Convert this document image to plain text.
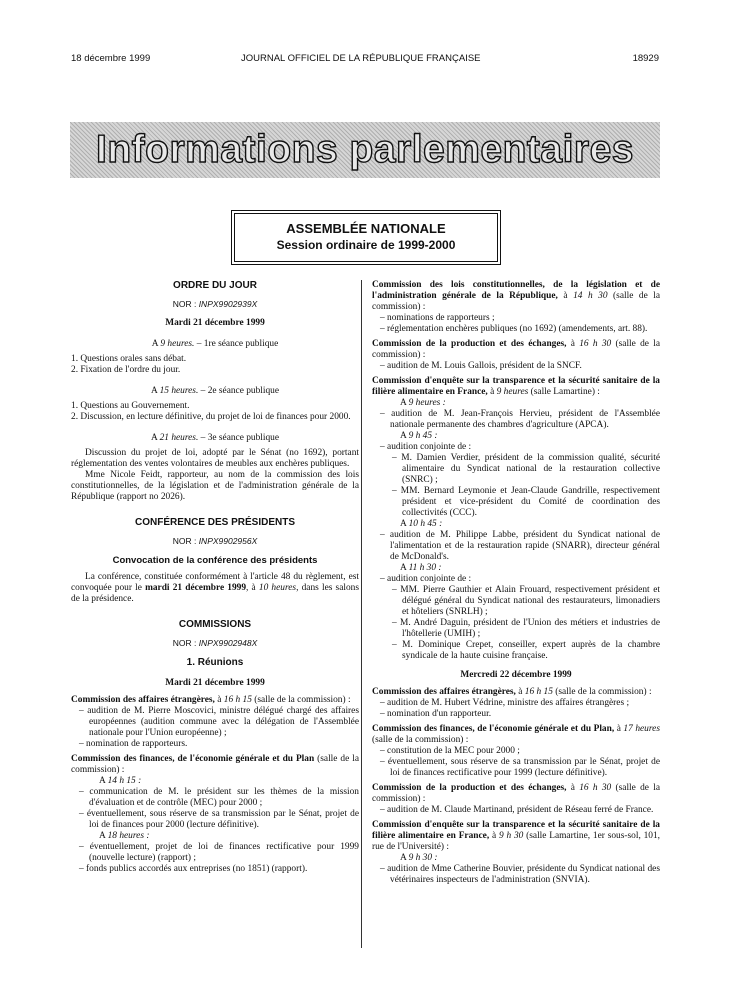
18 décembre 1999	JOURNAL OFFICIEL DE LA RÉPUBLIQUE FRANÇAISE	18929
Informations parlementaires
ASSEMBLÉE NATIONALE
Session ordinaire de 1999-2000
ORDRE DU JOUR
NOR : INPX9902939X
Mardi 21 décembre 1999
A 9 heures. – 1re séance publique
1. Questions orales sans débat.
2. Fixation de l'ordre du jour.
A 15 heures. – 2e séance publique
1. Questions au Gouvernement.
2. Discussion, en lecture définitive, du projet de loi de finances pour 2000.
A 21 heures. – 3e séance publique
Discussion du projet de loi, adopté par le Sénat (no 1692), portant réglementation des ventes volontaires de meubles aux enchères publiques.
Mme Nicole Feidt, rapporteur, au nom de la commission des lois constitutionnelles, de la législation et de l'administration générale de la République (rapport no 2026).
CONFÉRENCE DES PRÉSIDENTS
NOR : INPX9902956X
Convocation de la conférence des présidents
La conférence, constituée conformément à l'article 48 du règlement, est convoquée pour le mardi 21 décembre 1999, à 10 heures, dans les salons de la présidence.
COMMISSIONS
NOR : INPX9902948X
1. Réunions
Mardi 21 décembre 1999
Commission des affaires étrangères, à 16 h 15 (salle de la commission) :
– audition de M. Pierre Moscovici, ministre délégué chargé des affaires européennes (audition commune avec la délégation de l'Assemblée nationale pour l'Union européenne) ;
– nomination de rapporteurs.
Commission des finances, de l'économie générale et du Plan (salle de la commission) :
A 14 h 15 :
– communication de M. le président sur les thèmes de la mission d'évaluation et de contrôle (MEC) pour 2000 ;
– éventuellement, sous réserve de sa transmission par le Sénat, projet de loi de finances pour 2000 (lecture définitive).
A 18 heures :
– éventuellement, projet de loi de finances rectificative pour 1999 (nouvelle lecture) (rapport) ;
– fonds publics accordés aux entreprises (no 1851) (rapport).
Commission des lois constitutionnelles, de la législation et de l'administration générale de la République, à 14 h 30 (salle de la commission) :
– nominations de rapporteurs ;
– réglementation enchères publiques (no 1692) (amendements, art. 88).
Commission de la production et des échanges, à 16 h 30 (salle de la commission) :
– audition de M. Louis Gallois, président de la SNCF.
Commission d'enquête sur la transparence et la sécurité sanitaire de la filière alimentaire en France, à 9 heures (salle Lamartine) :
A 9 heures :
– audition de M. Jean-François Hervieu, président de l'Assemblée nationale permanente des chambres d'agriculture (APCA).
A 9 h 45 :
– audition conjointe de :
– M. Damien Verdier, président de la commission qualité, sécurité alimentaire du Syndicat national de la restauration collective (SNRC) ;
– MM. Bernard Leymonie et Jean-Claude Gandrille, respectivement président et vice-président du Comité de coordination des collectivités (CCC).
A 10 h 45 :
– audition de M. Philippe Labbe, président du Syndicat national de l'alimentation et de la restauration rapide (SNARR), directeur général de McDonald's.
A 11 h 30 :
– audition conjointe de :
– MM. Pierre Gauthier et Alain Frouard, respectivement président et délégué général du Syndicat national des restaurateurs, limonadiers et hôteliers (SNRLH) ;
– M. André Daguin, président de l'Union des métiers et industries de l'hôtellerie (UMIH) ;
– M. Dominique Crepet, conseiller, expert auprès de la chambre syndicale de la haute cuisine française.
Mercredi 22 décembre 1999
Commission des affaires étrangères, à 16 h 15 (salle de la commission) :
– audition de M. Hubert Védrine, ministre des affaires étrangères ;
– nomination d'un rapporteur.
Commission des finances, de l'économie générale et du Plan, à 17 heures (salle de la commission) :
– constitution de la MEC pour 2000 ;
– éventuellement, sous réserve de sa transmission par le Sénat, projet de loi de finances rectificative pour 1999 (lecture définitive).
Commission de la production et des échanges, à 16 h 30 (salle de la commission) :
– audition de M. Claude Martinand, président de Réseau ferré de France.
Commission d'enquête sur la transparence et la sécurité sanitaire de la filière alimentaire en France, à 9 h 30 (salle Lamartine, 1er sous-sol, 101, rue de l'Université) :
A 9 h 30 :
– audition de Mme Catherine Bouvier, présidente du Syndicat national des vétérinaires inspecteurs de l'administration (SNVIA).
